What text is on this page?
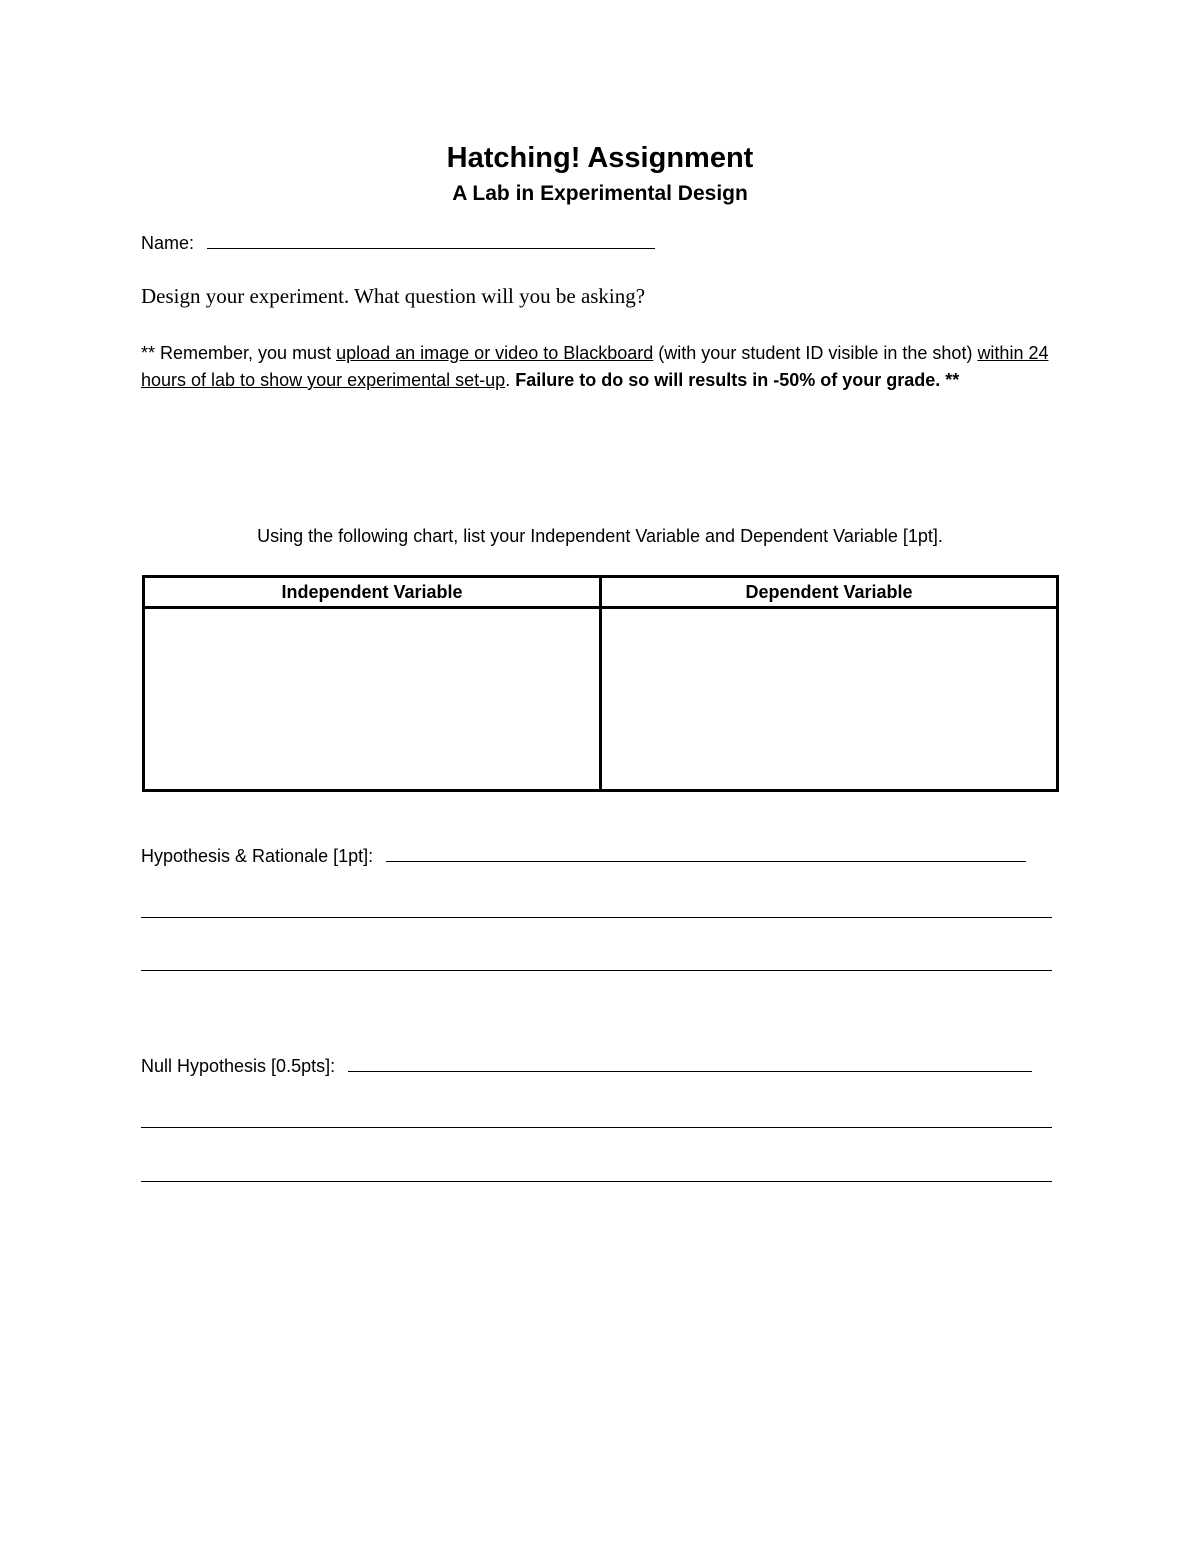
Hatching! Assignment
A Lab in Experimental Design
Name:
Design your experiment. What question will you be asking?
** Remember, you must upload an image or video to Blackboard (with your student ID visible in the shot) within 24 hours of lab to show your experimental set-up. Failure to do so will results in -50% of your grade. **
Using the following chart, list your Independent Variable and Dependent Variable [1pt].
Independent Variable	Dependent Variable

Hypothesis & Rationale [1pt]:
Null Hypothesis [0.5pts]:
